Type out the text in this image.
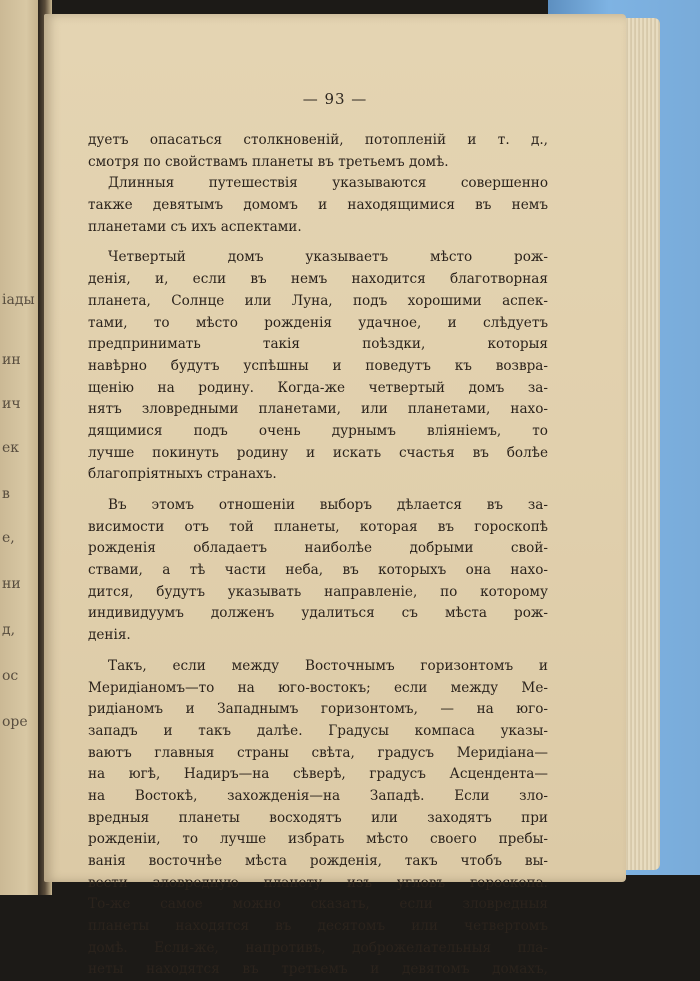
іады
ин
ич
ек
в
е,
ни
д,
ос
оре
— 93 —
дуетъ опасаться столкновеній, потопленій и т. д.,
смотря по свойствамъ планеты въ третьемъ домѣ.
Длинныя путешествія указываются совершенно
также девятымъ домомъ и находящимися въ немъ
планетами съ ихъ аспектами.
Четвертый домъ указываетъ мѣсто рож-
денія, и, если въ немъ находится благотворная
планета, Солнце или Луна, подъ хорошими аспек-
тами, то мѣсто рожденія удачное, и слѣдуетъ
предпринимать такія поѣздки, которыя
навѣрно будутъ успѣшны и поведутъ къ возвра-
щенію на родину. Когда-же четвертый домъ за-
нятъ зловредными планетами, или планетами, нахо-
дящимися подъ очень дурнымъ вліяніемъ, то
лучше покинуть родину и искать счастья въ болѣе
благопріятныхъ странахъ.
Въ этомъ отношеніи выборъ дѣлается въ за-
висимости отъ той планеты, которая въ гороскопѣ
рожденія обладаетъ наиболѣе добрыми свой-
ствами, а тѣ части неба, въ которыхъ она нахо-
дится, будутъ указывать направленіе, по которому
индивидуумъ долженъ удалиться съ мѣста рож-
денія.
Такъ, если между Восточнымъ горизонтомъ и
Меридіаномъ—то на юго-востокъ; если между Ме-
ридіаномъ и Западнымъ горизонтомъ, — на юго-
западъ и такъ далѣе. Градусы компаса указы-
ваютъ главныя страны свѣта, градусъ Меридіана—
на югѣ, Надиръ—на сѣверѣ, градусъ Асцендента—
на Востокѣ, захожденія—на Западѣ. Если зло-
вредныя планеты восходятъ или заходятъ при
рожденіи, то лучше избрать мѣсто своего пребы-
ванія восточнѣе мѣста рожденія, такъ чтобъ вы-
вести зловредную планету изъ угловъ гороскопа.
То-же самое можно сказать, если зловредныя
планеты находятся въ десятомъ или четвертомъ
домѣ. Если-же, напротивъ, доброжелательныя пла-
неты находятся въ третьемъ и девятомъ домахъ,
